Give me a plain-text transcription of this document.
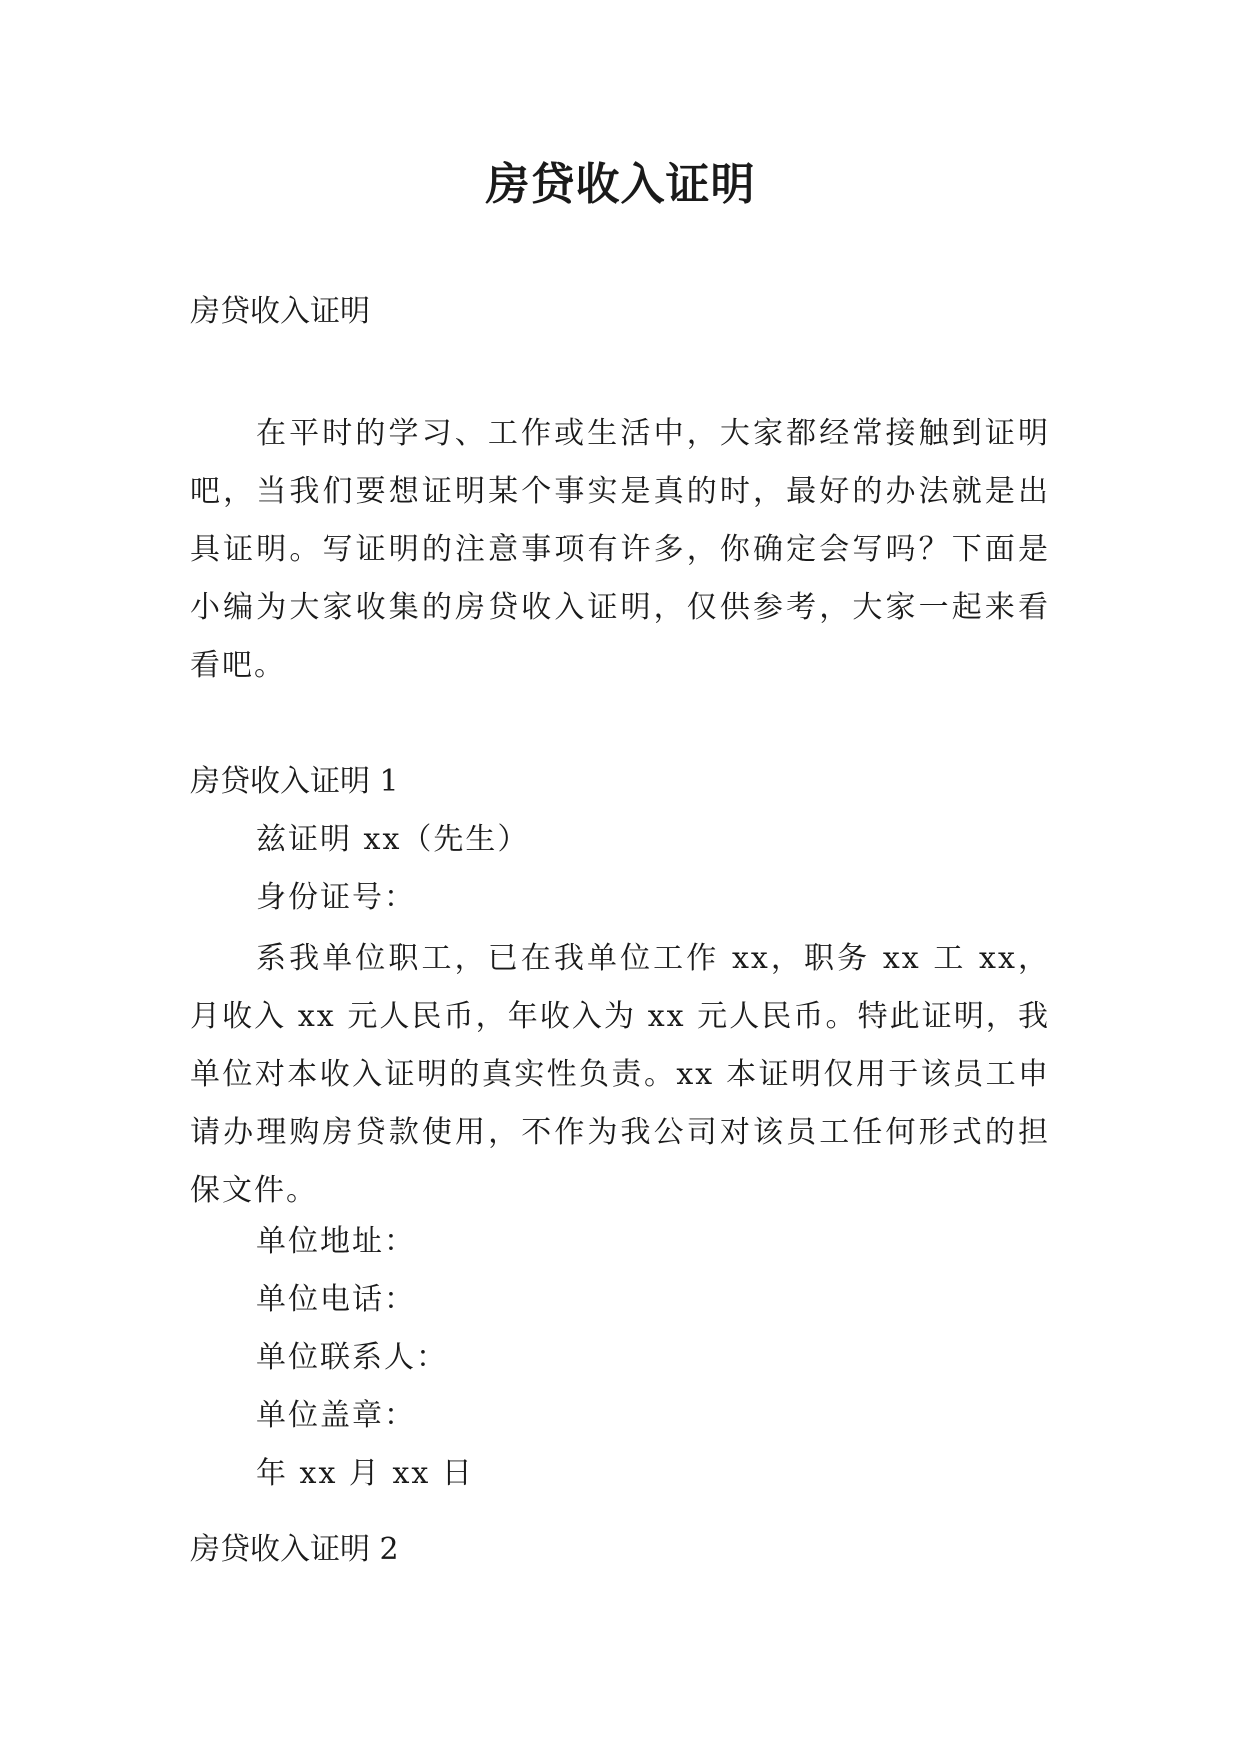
房贷收入证明

房贷收入证明

在平时的学习、工作或生活中，大家都经常接触到证明吧，当我们要想证明某个事实是真的时，最好的办法就是出具证明。写证明的注意事项有许多，你确定会写吗？下面是小编为大家收集的房贷收入证明，仅供参考，大家一起来看看吧。

房贷收入证明 1

兹证明 xx（先生）

身份证号：

系我单位职工，已在我单位工作 xx，职务 xx 工 xx，月收入 xx 元人民币，年收入为 xx 元人民币。特此证明，我单位对本收入证明的真实性负责。xx 本证明仅用于该员工申请办理购房贷款使用，不作为我公司对该员工任何形式的担保文件。

单位地址：

单位电话：

单位联系人：

单位盖章：

年 xx 月 xx 日

房贷收入证明 2
